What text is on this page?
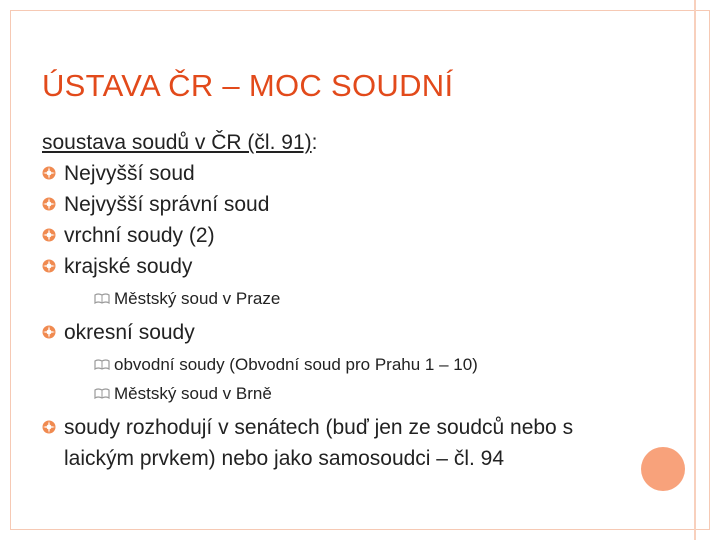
ÚSTAVA ČR – MOC SOUDNÍ

soustava soudů v ČR (čl. 91):

Nejvyšší soud
Nejvyšší správní soud
vrchní soudy (2)
krajské soudy
Městský soud v Praze
okresní soudy
obvodní soudy (Obvodní soud pro Prahu 1 – 10)
Městský soud v Brně
soudy rozhodují v senátech (buď jen ze soudců nebo s laickým prvkem) nebo jako samosoudci – čl. 94
